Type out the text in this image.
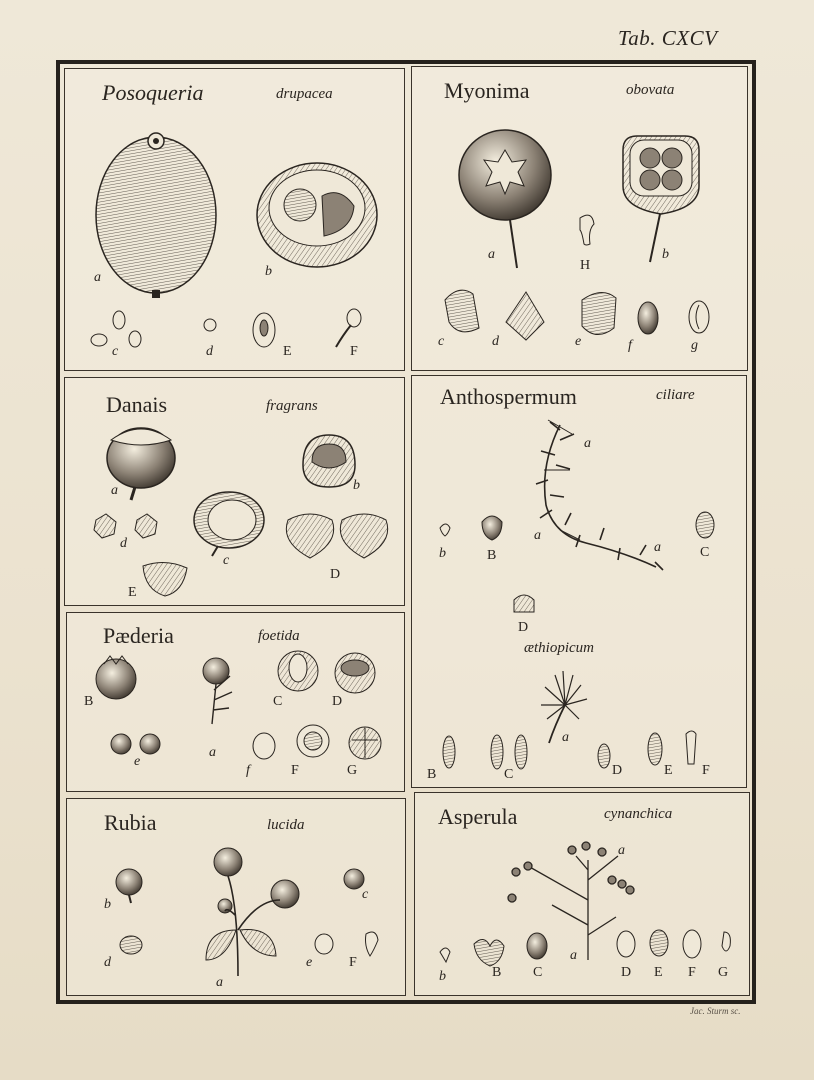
Tab. CXCV
Posoqueria	drupacea
a	b
c	d	E	F
Myonima	obovata
a
H
b
c	d	e	f	g
Danais	fragrans
a	b
d
c
E
D
Anthospermum	ciliare
a
a
a
b	B	C
D
æthiopicum
a
B	C	D	E F
Pæderia	foetida
B	C	D
a
e
f	F	G
Rubia	lucida
b
c
d	e	F
a
Asperula	cynanchica
a
b	B C
a
D E F G
Jac. Sturm sc.
